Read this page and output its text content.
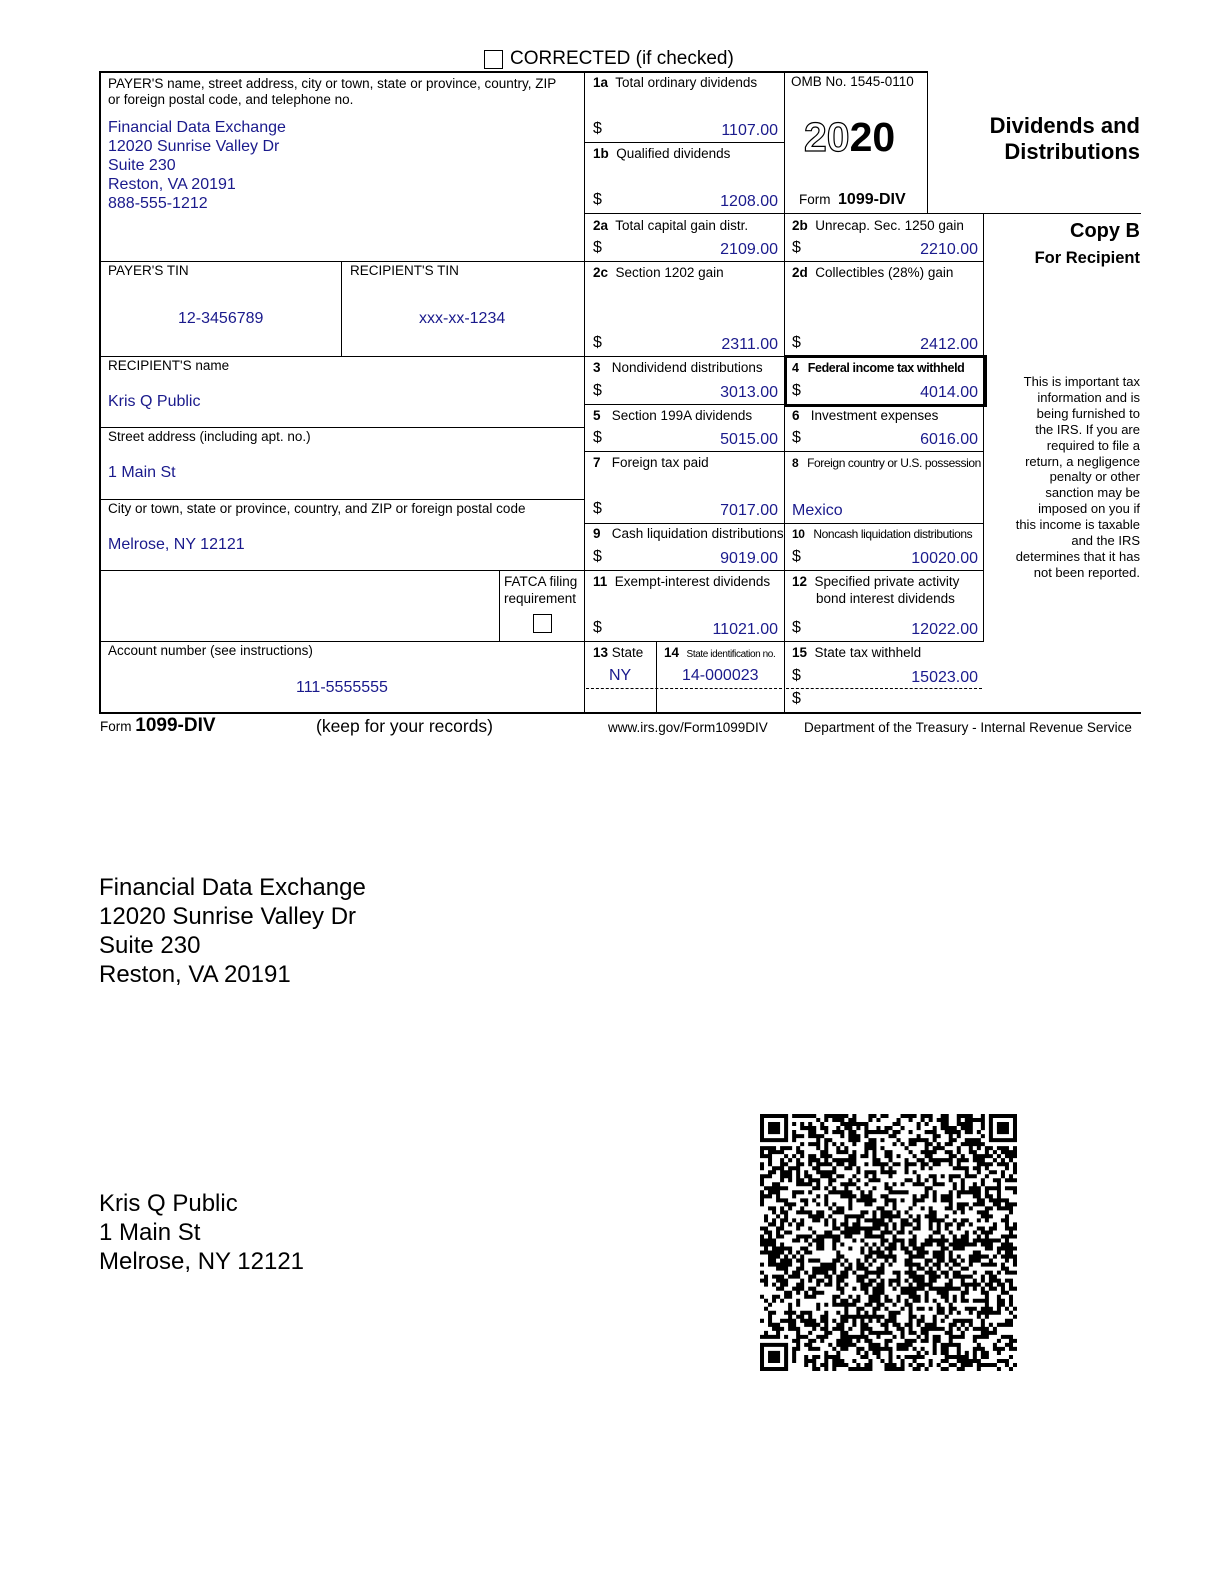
CORRECTED (if checked)
PAYER'S name, street address, city or town, state or province, country, ZIP
or foreign postal code, and telephone no.
Financial Data Exchange
12020 Sunrise Valley Dr
Suite 230
Reston, VA 20191
888-555-1212
PAYER'S TIN
12-3456789
RECIPIENT'S TIN
xxx-xx-1234
RECIPIENT'S name
Kris Q Public
Street address (including apt. no.)
1 Main St
City or town, state or province, country, and ZIP or foreign postal code
Melrose, NY 12121
FATCA filing
requirement
Account number (see instructions)
111-5555555
1a Total ordinary dividends
$	1107.00
1b Qualified dividends
$	1208.00
OMB No. 1545-0110
2020
Form 1099-DIV
Dividends and
Distributions
Copy B
For Recipient
This is important tax
information and is
being furnished to
the IRS. If you are
required to file a
return, a negligence
penalty or other
sanction may be
imposed on you if
this income is taxable
and the IRS
determines that it has
not been reported.
2a Total capital gain distr.
$	2109.00
2b Unrecap. Sec. 1250 gain
$	2210.00
2c Section 1202 gain
$	2311.00
2d Collectibles (28%) gain
$	2412.00
3 Nondividend distributions
$	3013.00
4 Federal income tax withheld
$	4014.00
5 Section 199A dividends
$	5015.00
6 Investment expenses
$	6016.00
7 Foreign tax paid
$	7017.00
8 Foreign country or U.S. possession
Mexico
9 Cash liquidation distributions
$	9019.00
10 Noncash liquidation distributions
$	10020.00
11 Exempt-interest dividends
$	11021.00
12 Specified private activity
bond interest dividends
$	12022.00
13 State
NY
14 State identification no.
14-000023
15 State tax withheld
$	15023.00
$
Form 1099-DIV	(keep for your records)	www.irs.gov/Form1099DIV	Department of the Treasury - Internal Revenue Service
Financial Data Exchange
12020 Sunrise Valley Dr
Suite 230
Reston, VA 20191
Kris Q Public
1 Main St
Melrose, NY 12121
